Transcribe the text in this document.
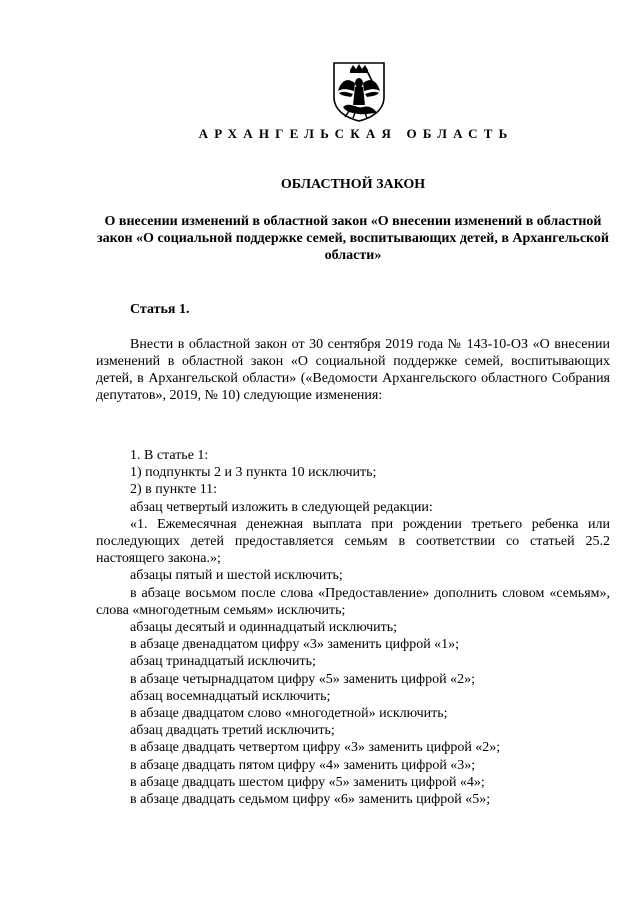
АРХАНГЕЛЬСКАЯ ОБЛАСТЬ
ОБЛАСТНОЙ ЗАКОН
О внесении изменений в областной закон «О внесении изменений в областной закон «О социальной поддержке семей, воспитывающих детей, в Архангельской области»
Статья 1.

Внести в областной закон от 30 сентября 2019 года № 143-10-ОЗ «О внесении изменений в областной закон «О социальной поддержке семей, воспитывающих детей, в Архангельской области» («Ведомости Архангельского областного Собрания депутатов», 2019, № 10) следующие изменения:

1. В статье 1:

1) подпункты 2 и 3 пункта 10 исключить;

2) в пункте 11:

абзац четвертый изложить в следующей редакции:

«1. Ежемесячная денежная выплата при рождении третьего ребенка или последующих детей предоставляется семьям в соответствии со статьей 25.2 настоящего закона.»;

абзацы пятый и шестой исключить;

в абзаце восьмом после слова «Предоставление» дополнить словом «семьям», слова «многодетным семьям» исключить;

абзацы десятый и одиннадцатый исключить;

в абзаце двенадцатом цифру «3» заменить цифрой «1»;

абзац тринадцатый исключить;

в абзаце четырнадцатом цифру «5» заменить цифрой «2»;

абзац восемнадцатый исключить;

в абзаце двадцатом слово «многодетной» исключить;

абзац двадцать третий исключить;

в абзаце двадцать четвертом цифру «3» заменить цифрой «2»;

в абзаце двадцать пятом цифру «4» заменить цифрой «3»;

в абзаце двадцать шестом цифру «5» заменить цифрой «4»;

в абзаце двадцать седьмом цифру «6» заменить цифрой «5»;
